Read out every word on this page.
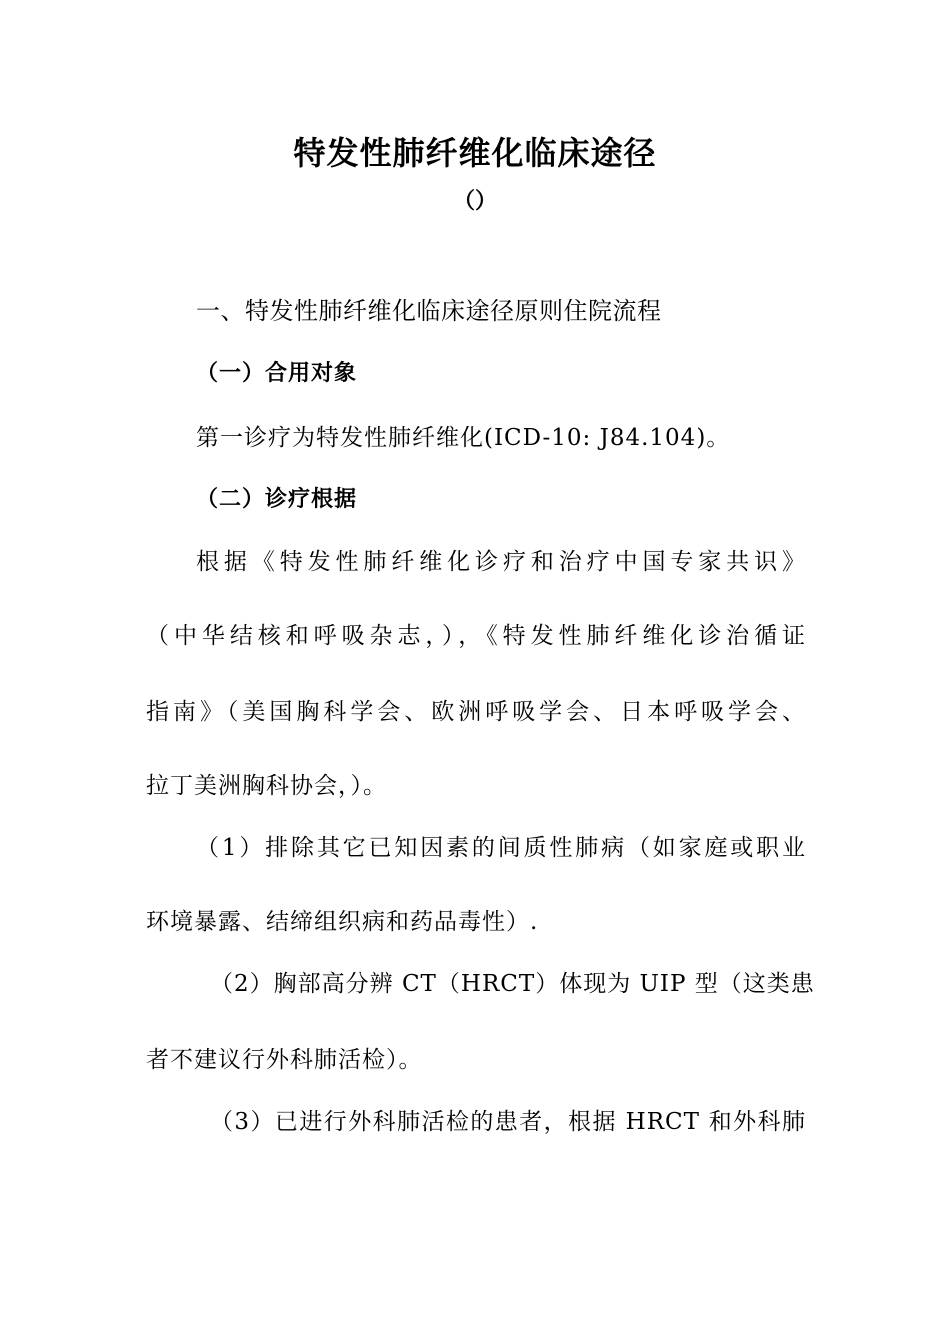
特发性肺纤维化临床途径
（）
一、特发性肺纤维化临床途径原则住院流程
（一）合用对象
第一诊疗为特发性肺纤维化(ICD-10: J84.104)。
（二）诊疗根据
根据《特发性肺纤维化诊疗和治疗中国专家共识》
（中华结核和呼吸杂志，），《特发性肺纤维化诊治循证
指南》（美国胸科学会、欧洲呼吸学会、日本呼吸学会、
拉丁美洲胸科协会，）。
（1）排除其它已知因素的间质性肺病（如家庭或职业
环境暴露、结缔组织病和药品毒性）.
（2）胸部高分辨 CT（HRCT）体现为 UIP 型（这类患
者不建议行外科肺活检）。
（3）已进行外科肺活检的患者，根据 HRCT 和外科肺
